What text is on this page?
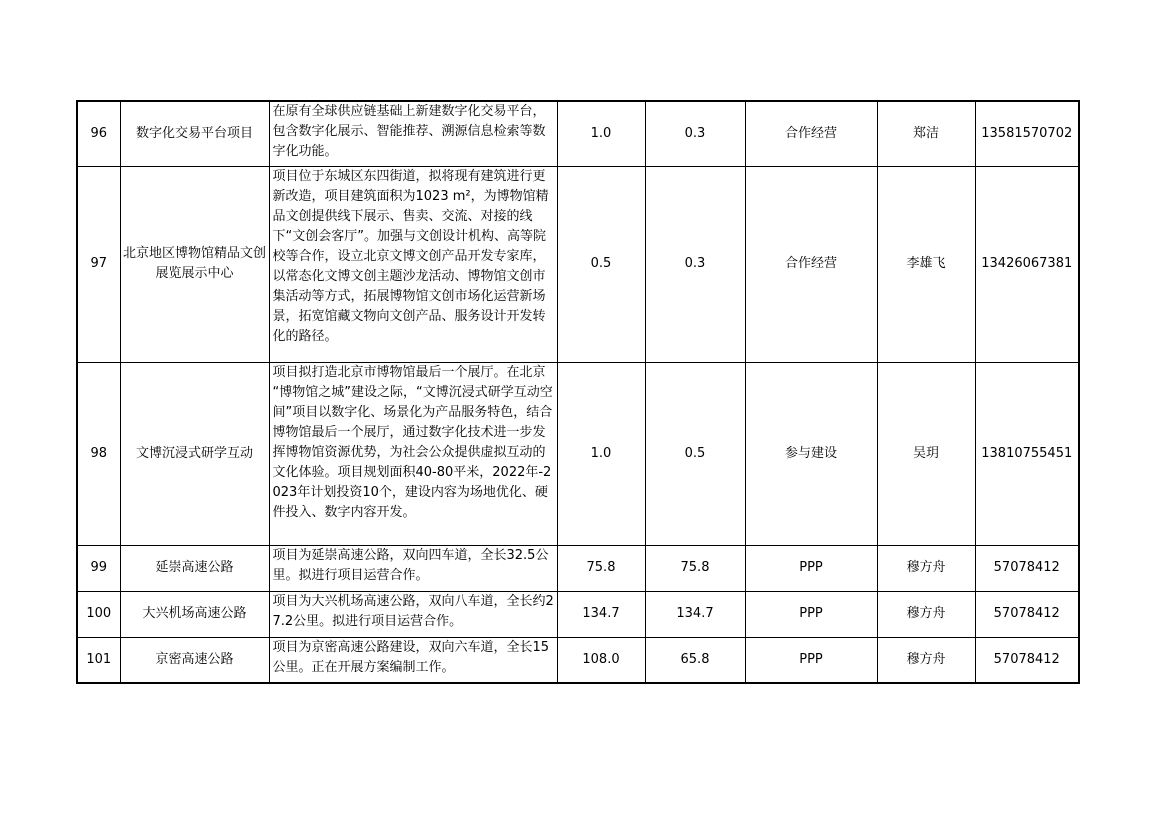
96	数字化交易平台项目	在原有全球供应链基础上新建数字化交易平台，包含数字化展示、智能推荐、溯源信息检索等数字化功能。	1.0	0.3	合作经营	郑洁	13581570702
97	北京地区博物馆精品文创展览展示中心	项目位于东城区东四街道，拟将现有建筑进行更新改造，项目建筑面积为1023 m²，为博物馆精品文创提供线下展示、售卖、交流、对接的线下“文创会客厅”。加强与文创设计机构、高等院校等合作，设立北京文博文创产品开发专家库，以常态化文博文创主题沙龙活动、博物馆文创市集活动等方式，拓展博物馆文创市场化运营新场景，拓宽馆藏文物向文创产品、服务设计开发转化的路径。	0.5	0.3	合作经营	李雄飞	13426067381
98	文博沉浸式研学互动	项目拟打造北京市博物馆最后一个展厅。在北京 “博物馆之城”建设之际，“文博沉浸式研学互动空间”项目以数字化、场景化为产品服务特色，结合博物馆最后一个展厅，通过数字化技术进一步发挥博物馆资源优势，为社会公众提供虚拟互动的文化体验。项目规划面积40-80平米，2022年-2023年计划投资10个，建设内容为场地优化、硬件投入、数字内容开发。	1.0	0.5	参与建设	吴玥	13810755451
99	延崇高速公路	项目为延崇高速公路，双向四车道，全长32.5公里。拟进行项目运营合作。	75.8	75.8	PPP	穆方舟	57078412
100	大兴机场高速公路	项目为大兴机场高速公路，双向八车道，全长约27.2公里。拟进行项目运营合作。	134.7	134.7	PPP	穆方舟	57078412
101	京密高速公路	项目为京密高速公路建设，双向六车道，全长15公里。正在开展方案编制工作。	108.0	65.8	PPP	穆方舟	57078412
